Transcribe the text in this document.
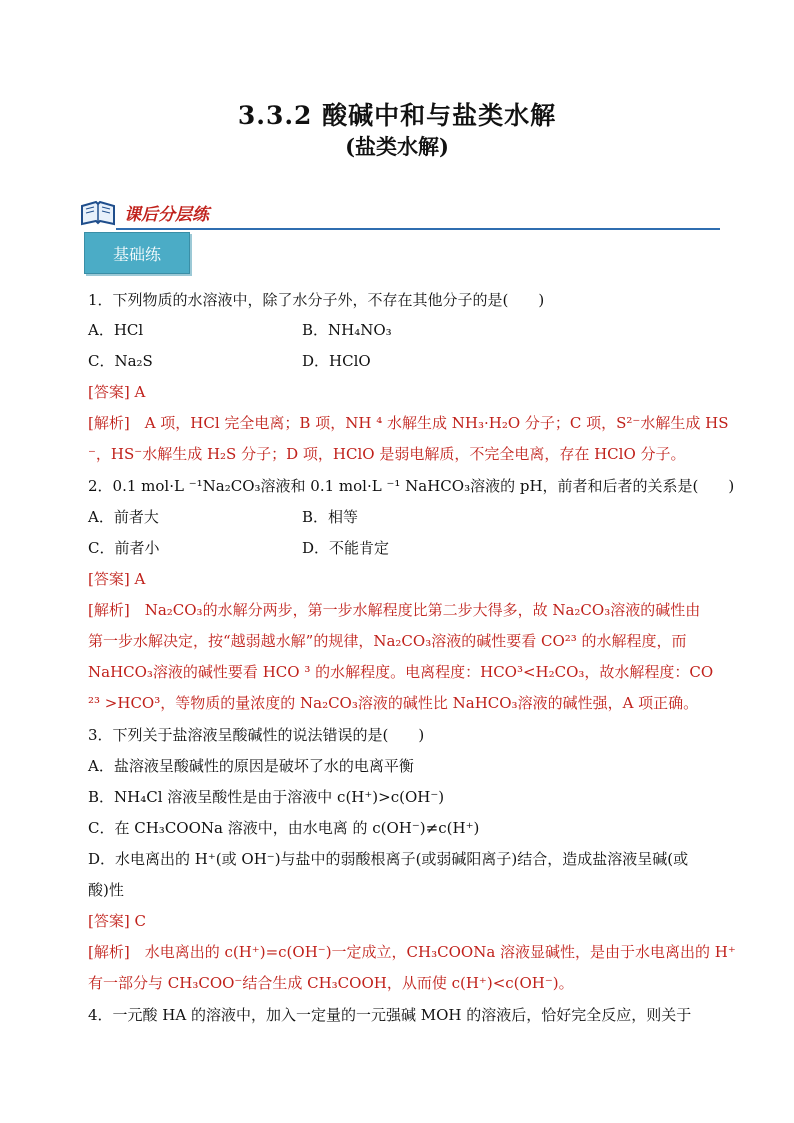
3.3.2 酸碱中和与盐类水解
(盐类水解)
课后分层练
基础练
1．下列物质的水溶液中，除了水分子外，不存在其他分子的是(　　)
A．HCl	B．NH₄NO₃
C．Na₂S	D．HClO
[答案] A
[解析]　A 项，HCl 完全电离；B 项，NH ⁴ 水解生成 NH₃·H₂O 分子；C 项，S²⁻水解生成 HS
⁻，HS⁻水解生成 H₂S 分子；D 项，HClO 是弱电解质，不完全电离，存在 HClO 分子。
2．0.1 mol·L ⁻¹Na₂CO₃溶液和 0.1 mol·L ⁻¹ NaHCO₃溶液的 pH，前者和后者的关系是(　　)
A．前者大	B．相等
C．前者小	D．不能肯定
[答案] A
[解析]　Na₂CO₃的水解分两步，第一步水解程度比第二步大得多，故 Na₂CO₃溶液的碱性由
第一步水解决定，按“越弱越水解”的规律，Na₂CO₃溶液的碱性要看 CO²³ 的水解程度，而
NaHCO₃溶液的碱性要看 HCO ³ 的水解程度。电离程度：HCO³<H₂CO₃，故水解程度：CO
²³ >HCO³，等物质的量浓度的 Na₂CO₃溶液的碱性比 NaHCO₃溶液的碱性强，A 项正确。
3．下列关于盐溶液呈酸碱性的说法错误的是(　　)
A．盐溶液呈酸碱性的原因是破坏了水的电离平衡
B．NH₄Cl 溶液呈酸性是由于溶液中 c(H⁺)>c(OH⁻)
C．在 CH₃COONa 溶液中，由水电离 的 c(OH⁻)≠c(H⁺)
D．水电离出的 H⁺(或 OH⁻)与盐中的弱酸根离子(或弱碱阳离子)结合，造成盐溶液呈碱(或
酸)性
[答案] C
[解析]　水电离出的 c(H⁺)=c(OH⁻)一定成立，CH₃COONa 溶液显碱性，是由于水电离出的 H⁺
有一部分与 CH₃COO⁻结合生成 CH₃COOH，从而使 c(H⁺)<c(OH⁻)。
4．一元酸 HA 的溶液中，加入一定量的一元强碱 MOH 的溶液后，恰好完全反应，则关于
